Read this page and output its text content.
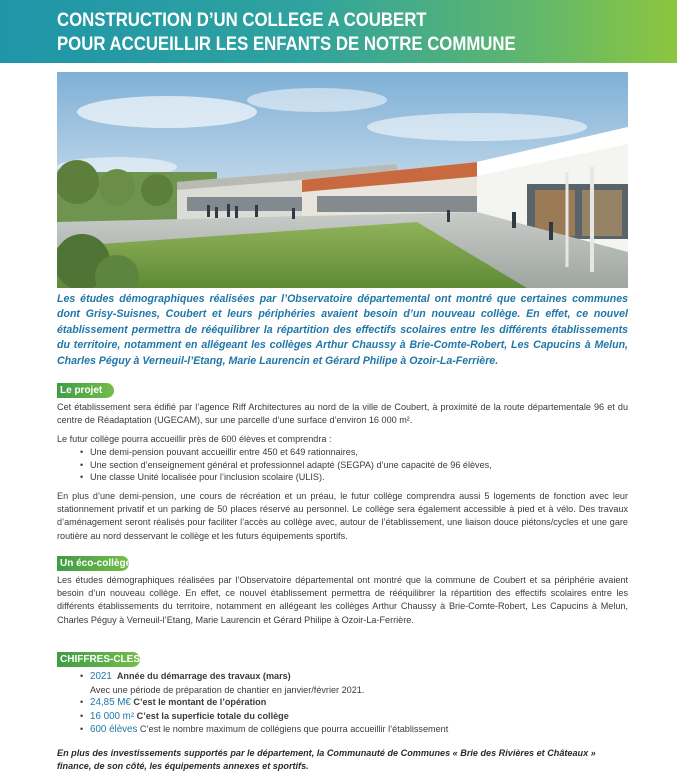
CONSTRUCTION D’UN COLLEGE A COUBERT
POUR ACCUEILLIR LES ENFANTS DE NOTRE COMMUNE

Les études démographiques réalisées par l’Observatoire départemental ont montré que certaines communes dont Grisy-Suisnes, Coubert et leurs périphéries avaient besoin d’un nouveau collège. En effet, ce nouvel établissement permettra de rééquilibrer la répartition des effectifs scolaires entre les différents établissements du territoire, notamment en allégeant les collèges Arthur Chaussy à Brie-Comte-Robert, Les Capucins à Melun, Charles Péguy à Verneuil-l’Etang, Marie Laurencin et Gérard Philipe à Ozoir-La-Ferrière.

Le projet

Cet établissement sera édifié par l’agence Riff Architectures au nord de la ville de Coubert, à proximité de la route départementale 96 et du centre de Réadaptation (UGECAM), sur une parcelle d’une surface d’environ 16 000 m².

Le futur collège pourra accueillir près de 600 élèves et comprendra :

• Une demi-pension pouvant accueillir entre 450 et 649 rationnaires,
• Une section d’enseignement général et professionnel adapté (SEGPA) d’une capacité de 96 élèves,
• Une classe Unité localisée pour l’inclusion scolaire (ULIS).

En plus d’une demi-pension, une cours de récréation et un préau, le futur collège comprendra aussi 5 logements de fonction avec leur stationnement privatif et un parking de 50 places réservé au personnel. Le collège sera également accessible à pied et à vélo. Des travaux d’aménagement seront réalisés pour faciliter l’accès au collège avec, autour de l’établissement, une liaison douce piétons/cycles et une gare routière au nord desservant le collège et les futurs équipements sportifs.

Un éco-collège

Les études démographiques réalisées par l’Observatoire départemental ont montré que la commune de Coubert et sa périphérie avaient besoin d’un nouveau collège. En effet, ce nouvel établissement permettra de rééquilibrer la répartition des effectifs scolaires entre les différents établissements du territoire, notamment en allégeant les collèges Arthur Chaussy à Brie-Comte-Robert, Les Capucins à Melun, Charles Péguy à Verneuil-l’Etang, Marie Laurencin et Gérard Philipe à Ozoir-La-Ferrière.

CHIFFRES-CLES
• 2021 Année du démarrage des travaux (mars)
Avec une période de préparation de chantier en janvier/février 2021.
• 24,85 M€ C’est le montant de l’opération
• 16 000 m² C’est la superficie totale du collège
• 600 élèves C’est le nombre maximum de collégiens que pourra accueillir l’établissement

En plus des investissements supportés par le département, la Communauté de Communes « Brie des Rivières et Châteaux » finance, de son côté, les équipements annexes et sportifs.
